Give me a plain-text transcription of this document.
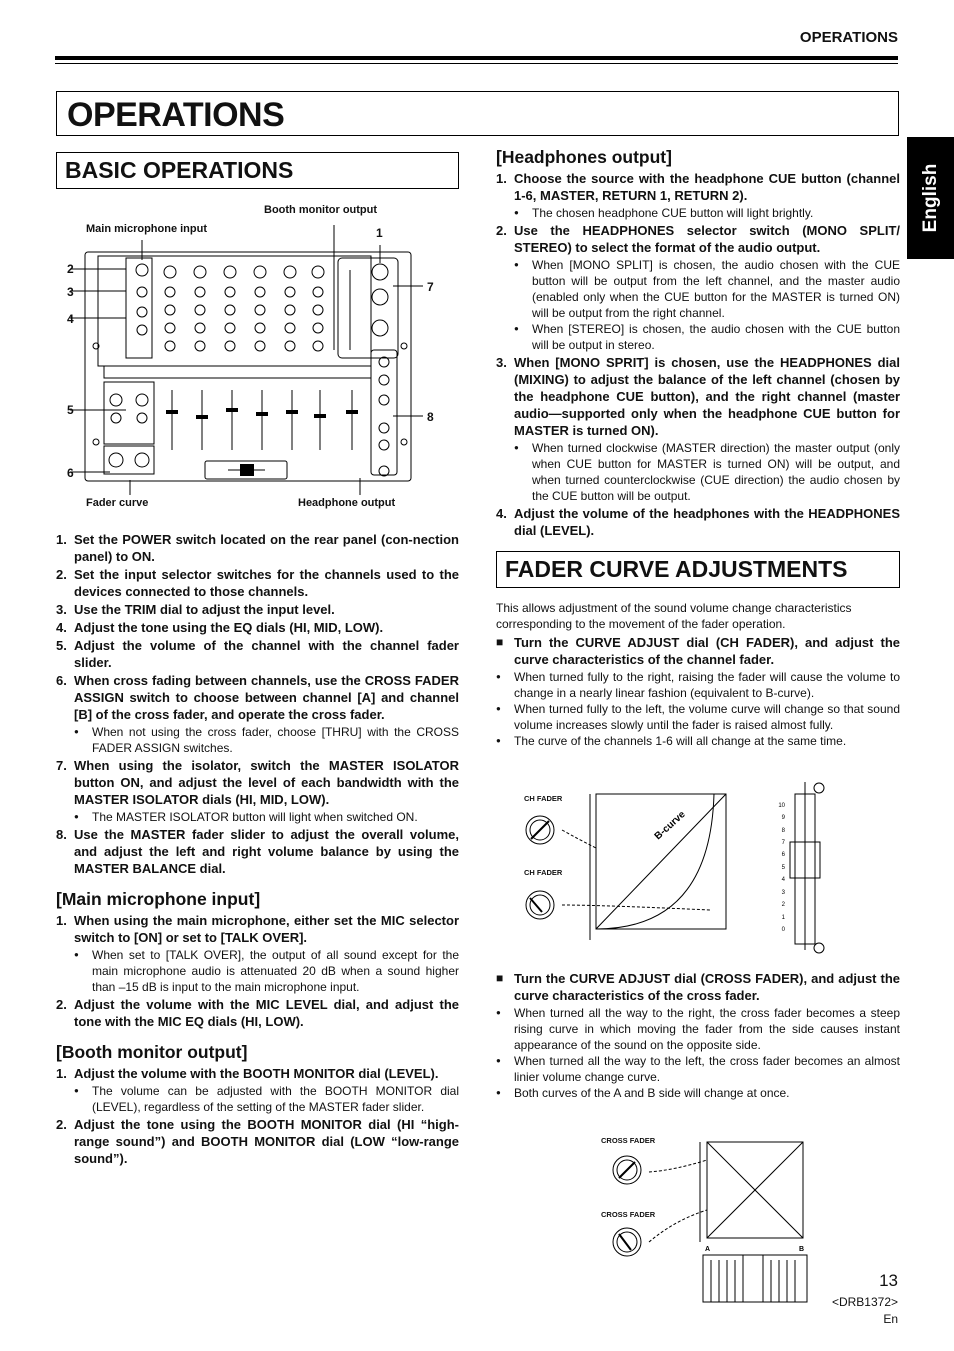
OPERATIONS
OPERATIONS
English
BASIC OPERATIONS
Booth monitor output
Main microphone input
Fader curve	Headphone output
1
2
3
4
5
6
7
8
1. Set the POWER switch located on the rear panel (con-nection panel) to ON.
2. Set the input selector switches for the channels used to the devices connected to those channels.
3. Use the TRIM dial to adjust the input level.
4. Adjust the tone using the EQ dials (HI, MID, LOW).
5. Adjust the volume of the channel with the channel fader slider.
6. When cross fading between channels, use the CROSS FADER ASSIGN switch to choose between channel [A] and channel [B] of the cross fader, and operate the cross fader.
● When not using the cross fader, choose [THRU] with the CROSS FADER ASSIGN switches.
7. When using the isolator, switch the MASTER ISOLATOR button ON, and adjust the level of each bandwidth with the MASTER ISOLATOR dials (HI, MID, LOW).
● The MASTER ISOLATOR button will light when switched ON.
8. Use the MASTER fader slider to adjust the overall volume, and adjust the left and right volume balance by using the MASTER BALANCE dial.
[Main microphone input]
1. When using the main microphone, either set the MIC selector switch to [ON] or set to [TALK OVER].
● When set to [TALK OVER], the output of all sound except for the main microphone audio is attenuated 20 dB when a sound higher than –15 dB is input to the main microphone input.
2. Adjust the volume with the MIC LEVEL dial, and adjust the tone with the MIC EQ dials (HI, LOW).
[Booth monitor output]
1. Adjust the volume with the BOOTH MONITOR dial (LEVEL).
● The volume can be adjusted with the BOOTH MONITOR dial (LEVEL), regardless of the setting of the MASTER fader slider.
2. Adjust the tone using the BOOTH MONITOR dial (HI “high-range sound”) and BOOTH MONITOR dial (LOW “low-range sound”).
[Headphones output]
1. Choose the source with the headphone CUE button (channel 1-6, MASTER, RETURN 1, RETURN 2).
● The chosen headphone CUE button will light brightly.
2. Use the HEADPHONES selector switch (MONO SPLIT/ STEREO) to select the format of the audio output.
● When [MONO SPLIT] is chosen, the audio chosen with the CUE button will be output from the left channel, and the master audio (enabled only when the CUE button for the MASTER is turned ON) will be output from the right channel.
● When [STEREO] is chosen, the audio chosen with the CUE button will be output in stereo.
3. When [MONO SPRIT] is chosen, use the HEADPHONES dial (MIXING) to adjust the balance of the left channel (chosen by the headphone CUE button), and the right channel (master audio—supported only when the headphone CUE button for MASTER is turned ON).
● When turned clockwise (MASTER direction) the master output (only when CUE button for MASTER is turned ON) will be output, and when turned counterclockwise (CUE direction) the audio chosen by the CUE button will be output.
4. Adjust the volume of the headphones with the HEADPHONES dial (LEVEL).
FADER CURVE ADJUSTMENTS

This allows adjustment of the sound volume change characteristics corresponding to the movement of the fader operation.

■ Turn the CURVE ADJUST dial (CH FADER), and adjust the curve characteristics of the channel fader.
● When turned fully to the right, raising the fader will cause the volume to change in a nearly linear fashion (equivalent to B-curve).
● When turned fully to the left, the volume curve will change so that sound volume increases slowly until the fader is raised almost fully.
● The curve of the channels 1-6 will all change at the same time.
CH FADER
CH FADER
B-curve
10
9
8
7
6
5
4
3
2
1
0
■ Turn the CURVE ADJUST dial (CROSS FADER), and adjust the curve characteristics of the cross fader.
● When turned all the way to the right, the cross fader becomes a steep rising curve in which moving the fader from the side causes instant appearance of the sound on the opposite side.
● When turned all the way to the left, the cross fader becomes an almost linier volume change curve.
● Both curves of the A and B side will change at once.
CROSS FADER
CROSS FADER
A	B
13
<DRB1372>
En
